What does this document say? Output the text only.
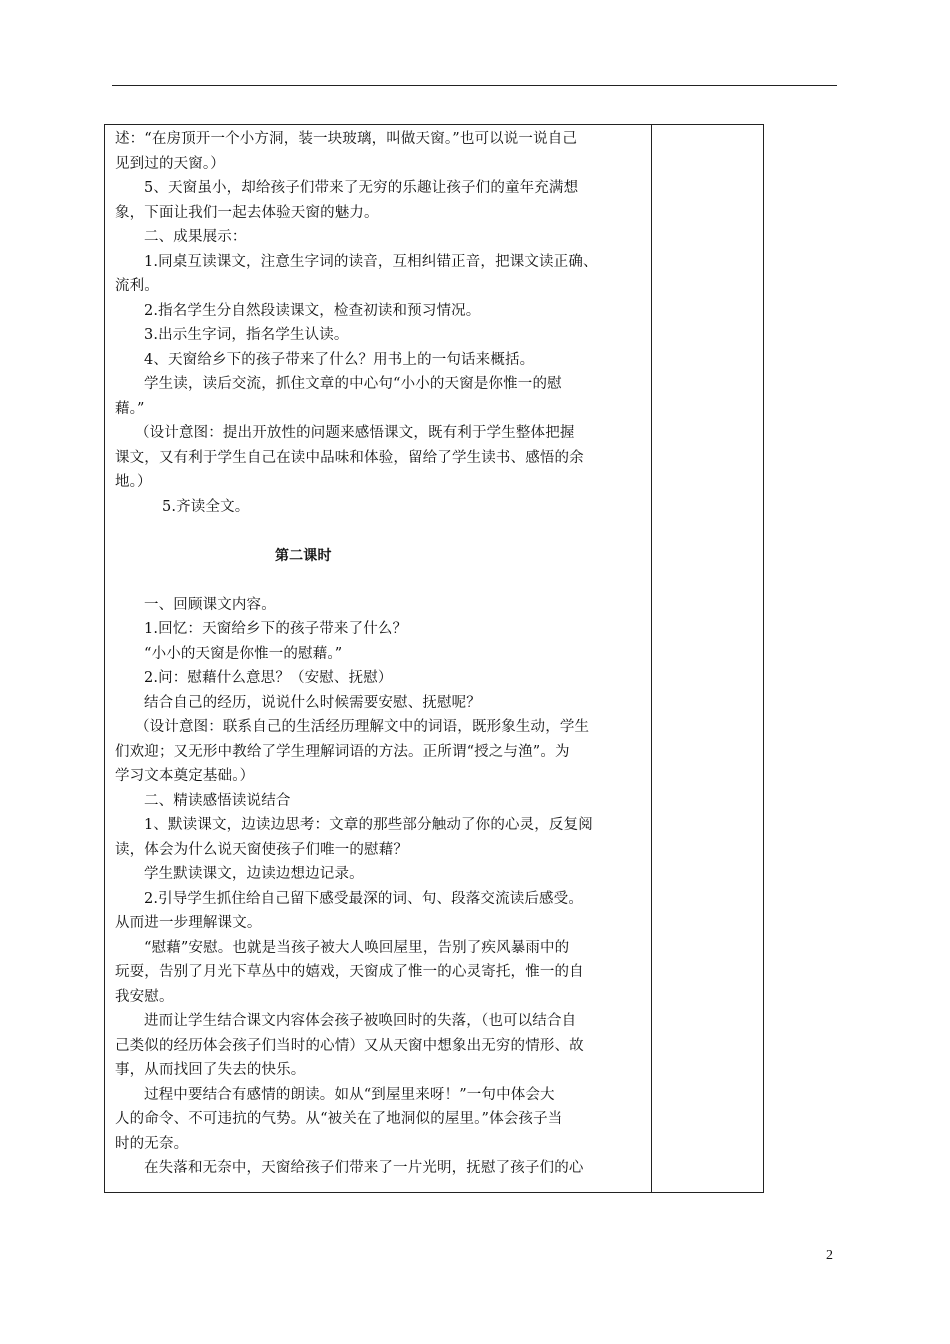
述：“在房顶开一个小方洞，装一块玻璃，叫做天窗。”也可以说一说自己
见到过的天窗。）
5、天窗虽小，却给孩子们带来了无穷的乐趣让孩子们的童年充满想
象，下面让我们一起去体验天窗的魅力。
二、成果展示：
1.同桌互读课文，注意生字词的读音，互相纠错正音，把课文读正确、
流利。
2.指名学生分自然段读课文，检查初读和预习情况。
3.出示生字词，指名学生认读。
4、天窗给乡下的孩子带来了什么？用书上的一句话来概括。
学生读，读后交流，抓住文章的中心句“小小的天窗是你惟一的慰
藉。”
（设计意图：提出开放性的问题来感悟课文，既有利于学生整体把握
课文，又有利于学生自己在读中品味和体验，留给了学生读书、感悟的余
地。）
5.齐读全文。
第二课时
一、回顾课文内容。
1.回忆：天窗给乡下的孩子带来了什么？
“小小的天窗是你惟一的慰藉。”
2.问：慰藉什么意思？（安慰、抚慰）
结合自己的经历，说说什么时候需要安慰、抚慰呢？
（设计意图：联系自己的生活经历理解文中的词语，既形象生动，学生
们欢迎；又无形中教给了学生理解词语的方法。正所谓“授之与渔”。为
学习文本奠定基础。）
二、精读感悟读说结合
1、默读课文，边读边思考：文章的那些部分触动了你的心灵，反复阅
读，体会为什么说天窗使孩子们唯一的慰藉？
学生默读课文，边读边想边记录。
2.引导学生抓住给自己留下感受最深的词、句、段落交流读后感受。
从而进一步理解课文。
“慰藉”安慰。也就是当孩子被大人唤回屋里，告别了疾风暴雨中的
玩耍，告别了月光下草丛中的嬉戏，天窗成了惟一的心灵寄托，惟一的自
我安慰。
进而让学生结合课文内容体会孩子被唤回时的失落，（也可以结合自
己类似的经历体会孩子们当时的心情）又从天窗中想象出无穷的情形、故
事，从而找回了失去的快乐。
过程中要结合有感情的朗读。如从“到屋里来呀！”一句中体会大
人的命令、不可违抗的气势。从“被关在了地洞似的屋里。”体会孩子当
时的无奈。
在失落和无奈中，天窗给孩子们带来了一片光明，抚慰了孩子们的心
2
